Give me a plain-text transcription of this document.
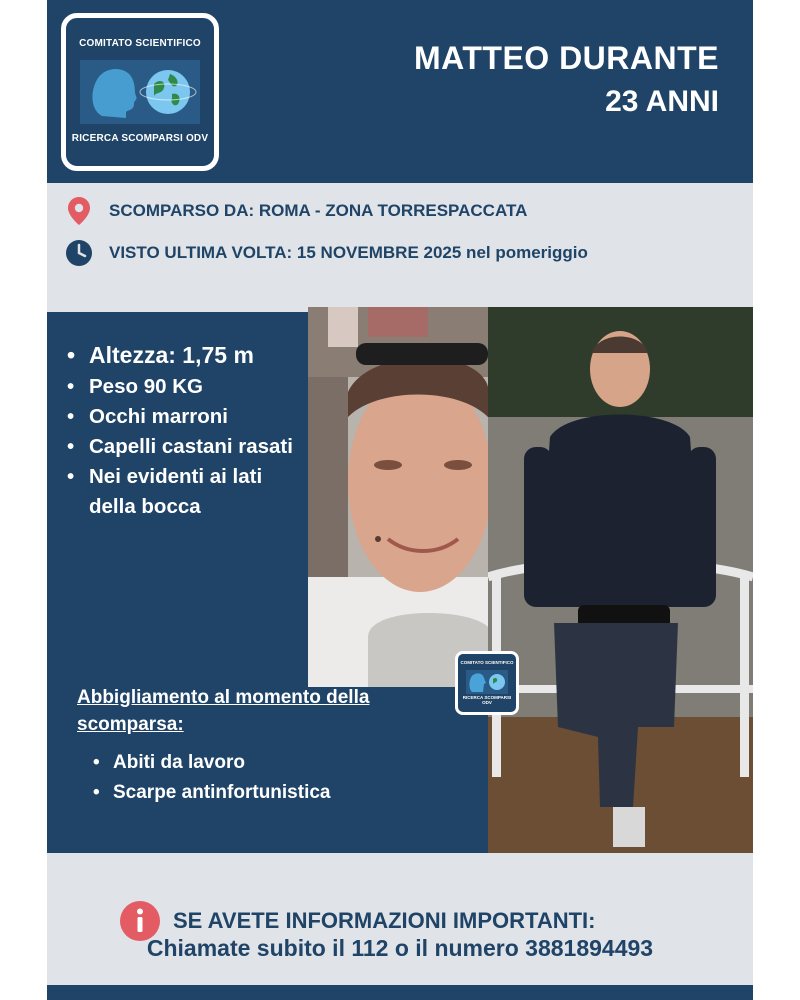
COMITATO SCIENTIFICO
RICERCA SCOMPARSI ODV
MATTEO DURANTE
23 ANNI
SCOMPARSO DA: ROMA - ZONA TORRESPACCATA
VISTO ULTIMA VOLTA: 15 NOVEMBRE 2025 nel pomeriggio
• Altezza: 1,75 m
• Peso 90 KG
• Occhi marroni
• Capelli castani rasati
• Nei evidenti ai lati della bocca
Abbigliamento al momento della scomparsa:
• Abiti da lavoro
• Scarpe antinfortunistica
COMITATO SCIENTIFICO
RICERCA SCOMPARSI ODV
SE AVETE INFORMAZIONI IMPORTANTI:
Chiamate subito il 112 o il numero 3881894493
